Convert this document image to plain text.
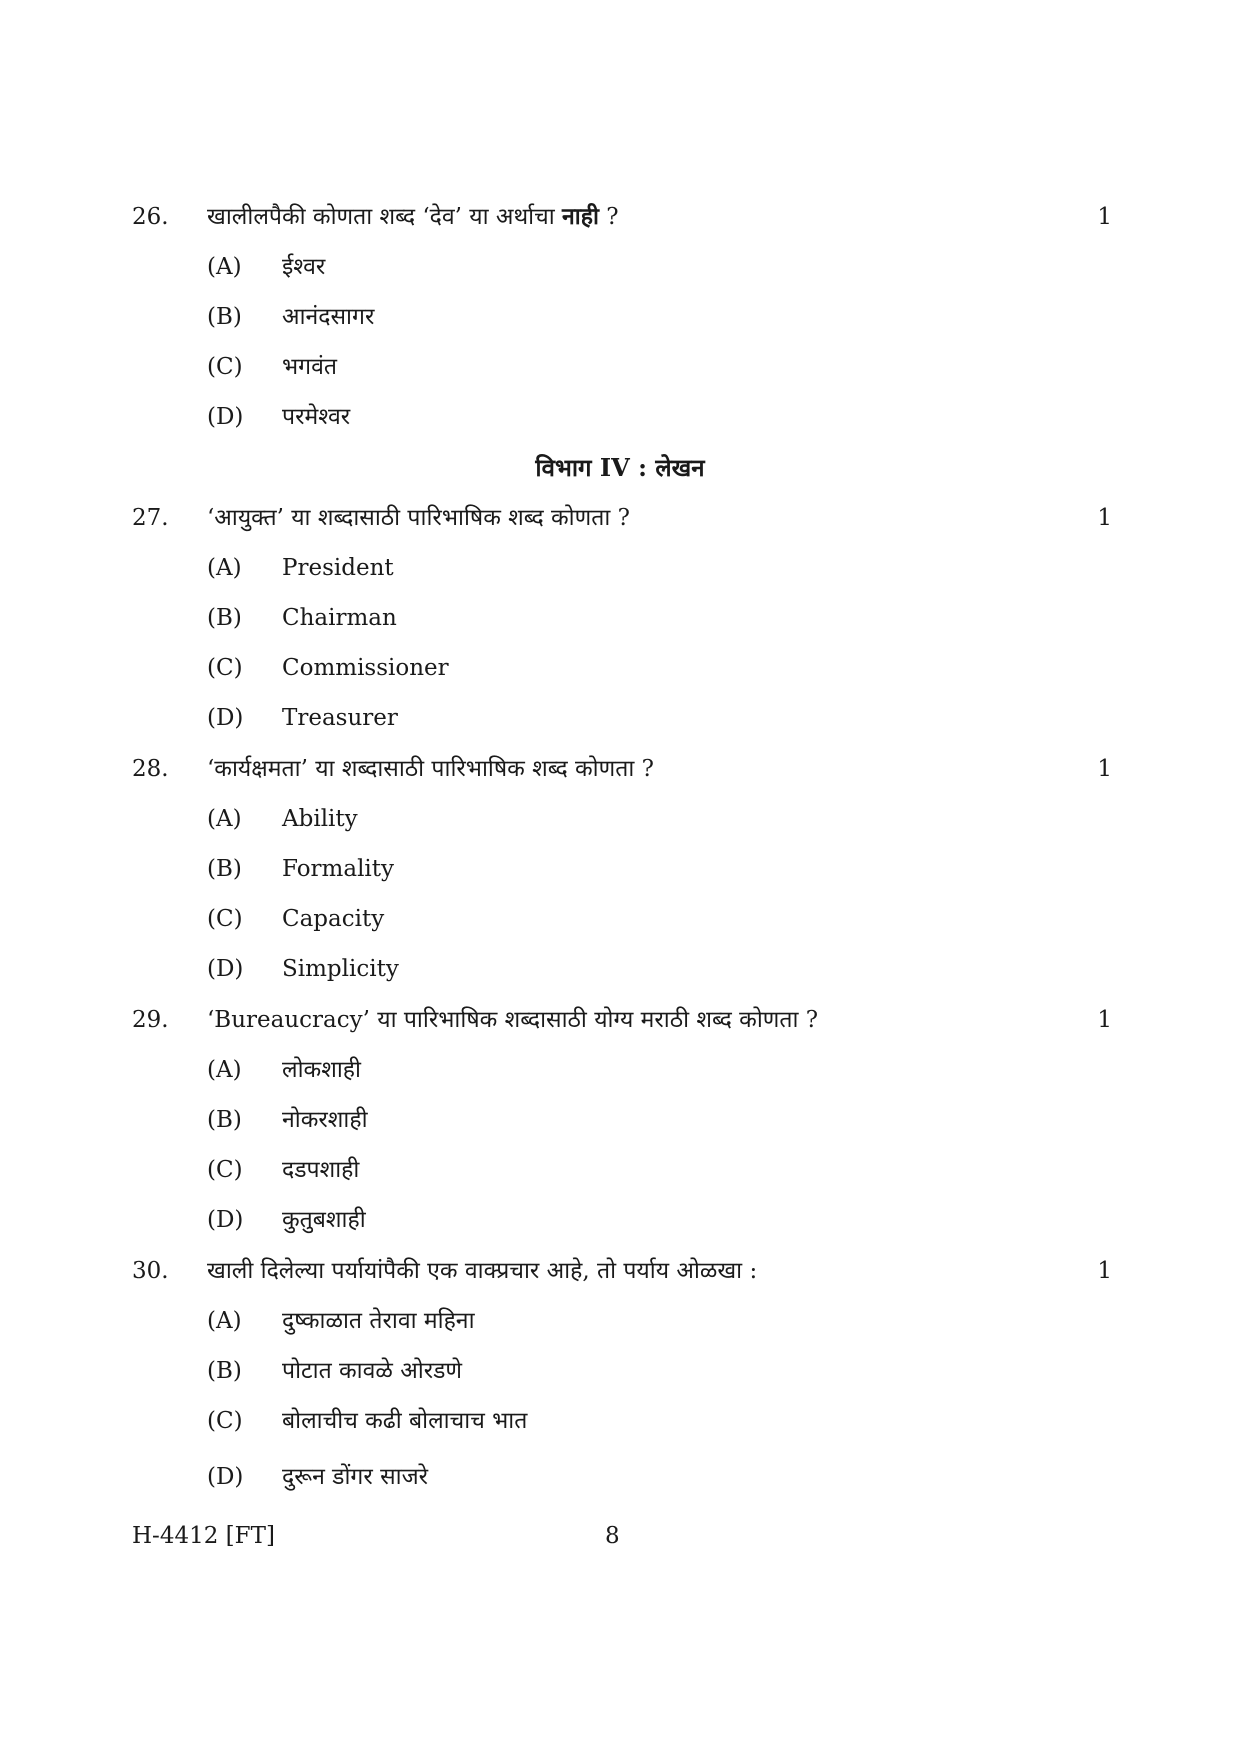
26. खालीलपैकी कोणता शब्द ‘देव’ या अर्थाचा नाही ?	1
(A) ईश्वर
(B) आनंदसागर
(C) भगवंत
(D) परमेश्वर
विभाग IV : लेखन
27. ‘आयुक्त’ या शब्दासाठी पारिभाषिक शब्द कोणता ?	1
(A) President
(B) Chairman
(C) Commissioner
(D) Treasurer
28. ‘कार्यक्षमता’ या शब्दासाठी पारिभाषिक शब्द कोणता ?	1
(A) Ability
(B) Formality
(C) Capacity
(D) Simplicity
29. ‘Bureaucracy’ या पारिभाषिक शब्दासाठी योग्य मराठी शब्द कोणता ?	1
(A) लोकशाही
(B) नोकरशाही
(C) दडपशाही
(D) कुतुबशाही
30. खाली दिलेल्या पर्यायांपैकी एक वाक्प्रचार आहे, तो पर्याय ओळखा :	1
(A) दुष्काळात तेरावा महिना
(B) पोटात कावळे ओरडणे
(C) बोलाचीच कढी बोलाचाच भात
(D) दुरून डोंगर साजरे
H-4412 [FT]	8
